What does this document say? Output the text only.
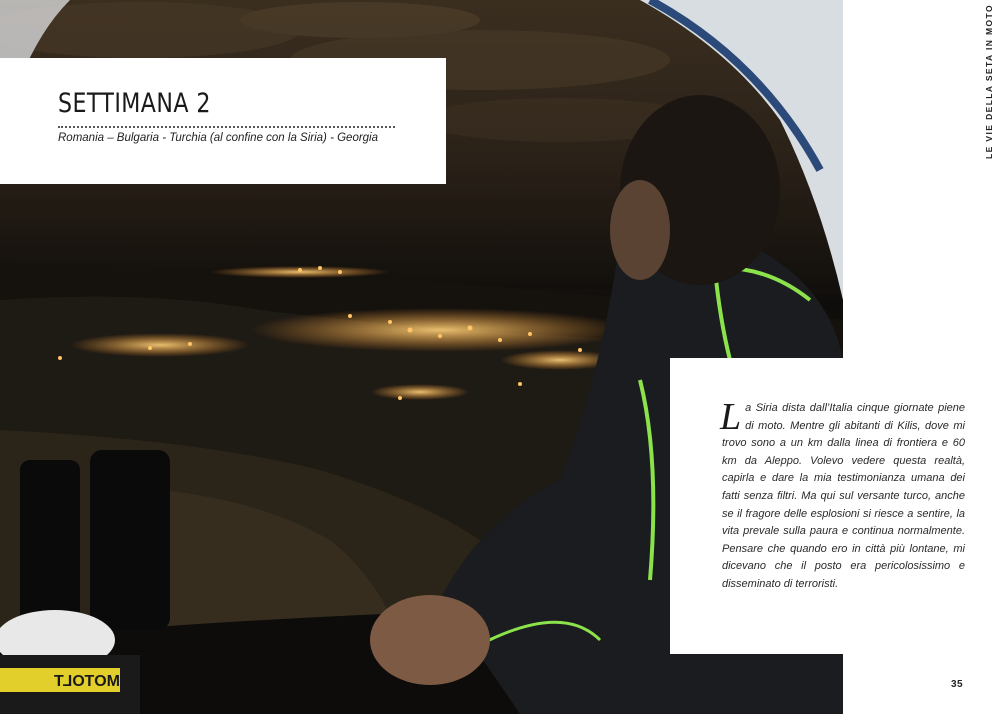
MOTOLT
SETTIMANA 2
Romania – Bulgaria - Turchia (al confine con la Siria) - Georgia

La Siria dista dall’Italia cinque giornate piene di moto. Mentre gli abitanti di Kilis, dove mi trovo sono a un km dalla linea di frontiera e 60 km da Aleppo. Volevo vedere questa realtà, capirla e dare la mia testimonianza umana dei fatti senza filtri. Ma qui sul versante turco, anche se il fragore delle esplosioni si riesce a sentire, la vita prevale sulla paura e continua normalmente. Pensare che quando ero in città più lontane, mi dicevano che il posto era pericolosissimo e disseminato di terroristi.

LE VIE DELLA SETA IN MOTO
35
